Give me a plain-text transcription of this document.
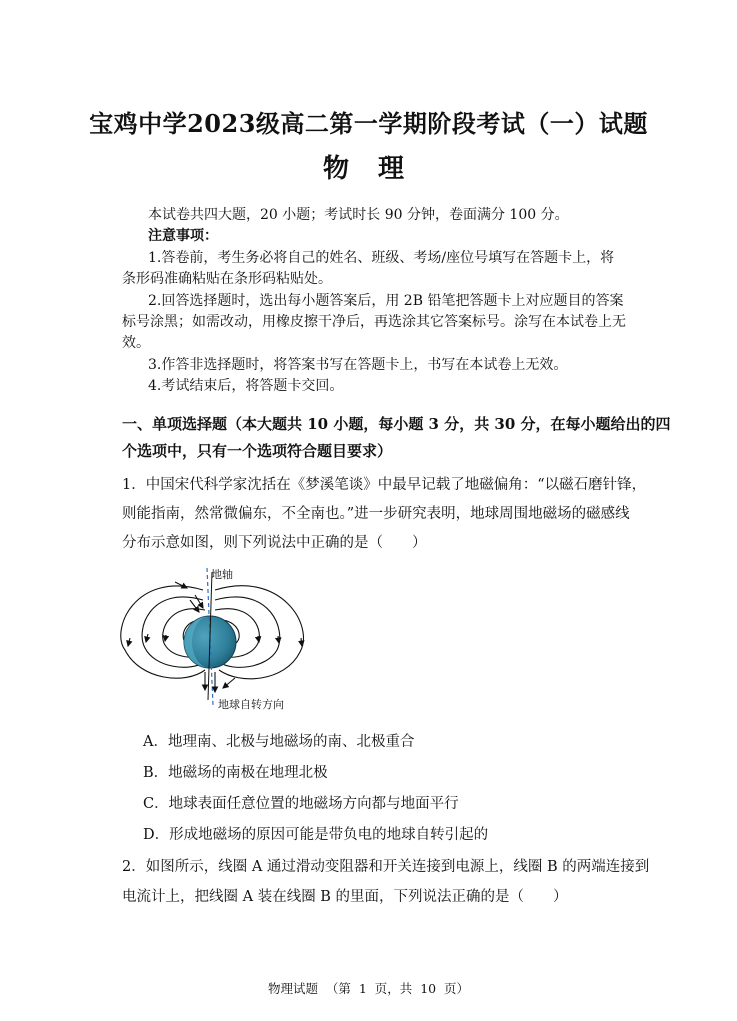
宝鸡中学2023级高二第一学期阶段考试（一）试题
物 理
本试卷共四大题，20 小题；考试时长 90 分钟，卷面满分 100 分。
注意事项：
1.答卷前，考生务必将自己的姓名、班级、考场/座位号填写在答题卡上，将
条形码准确粘贴在条形码粘贴处。
2.回答选择题时，选出每小题答案后，用 2B 铅笔把答题卡上对应题目的答案
标号涂黑；如需改动，用橡皮擦干净后，再选涂其它答案标号。涂写在本试卷上无
效。
3.作答非选择题时，将答案书写在答题卡上，书写在本试卷上无效。
4.考试结束后，将答题卡交回。
一、单项选择题（本大题共 10 小题，每小题 3 分，共 30 分，在每小题给出的四
个选项中，只有一个选项符合题目要求）
1．中国宋代科学家沈括在《梦溪笔谈》中最早记载了地磁偏角：“以磁石磨针锋，
则能指南，然常微偏东，不全南也。”进一步研究表明，地球周围地磁场的磁感线
分布示意如图，则下列说法中正确的是（　　）
地轴
地球自转方向
A．地理南、北极与地磁场的南、北极重合
B．地磁场的南极在地理北极
C．地球表面任意位置的地磁场方向都与地面平行
D．形成地磁场的原因可能是带负电的地球自转引起的
2．如图所示，线圈 A 通过滑动变阻器和开关连接到电源上，线圈 B 的两端连接到
电流计上，把线圈 A 装在线圈 B 的里面，下列说法正确的是（　　）
物理试题  （第  1  页，共  10  页）
